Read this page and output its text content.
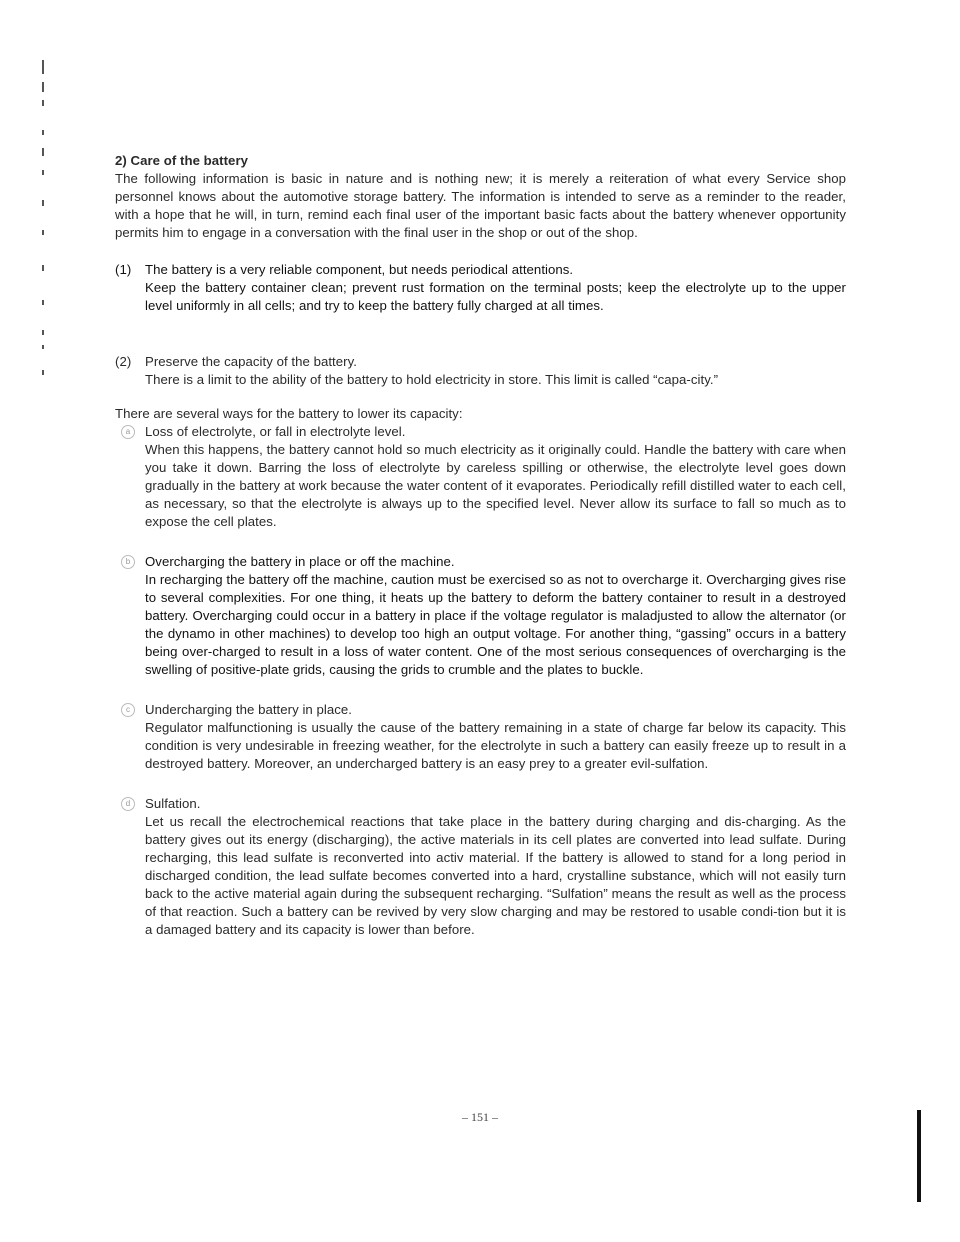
2) Care of the battery

The following information is basic in nature and is nothing new; it is merely a reiteration of what every Service shop personnel knows about the automotive storage battery. The information is intended to serve as a reminder to the reader, with a hope that he will, in turn, remind each final user of the important basic facts about the battery whenever opportunity permits him to engage in a conversation with the final user in the shop or out of the shop.

(1) The battery is a very reliable component, but needs periodical attentions.

Keep the battery container clean; prevent rust formation on the terminal posts; keep the electrolyte up to the upper level uniformly in all cells; and try to keep the battery fully charged at all times.

(2) Preserve the capacity of the battery.

There is a limit to the ability of the battery to hold electricity in store. This limit is called “capa-city.”

There are several ways for the battery to lower its capacity:

a	Loss of electrolyte, or fall in electrolyte level.

When this happens, the battery cannot hold so much electricity as it originally could. Handle the battery with care when you take it down. Barring the loss of electrolyte by careless spilling or otherwise, the electrolyte level goes down gradually in the battery at work because the water content of it evaporates. Periodically refill distilled water to each cell, as necessary, so that the electrolyte is always up to the specified level. Never allow its surface to fall so much as to expose the cell plates.

b	Overcharging the battery in place or off the machine.

In recharging the battery off the machine, caution must be exercised so as not to overcharge it. Overcharging gives rise to several complexities. For one thing, it heats up the battery to deform the battery container to result in a destroyed battery. Overcharging could occur in a battery in place if the voltage regulator is maladjusted to allow the alternator (or the dynamo in other machines) to develop too high an output voltage. For another thing, “gassing” occurs in a battery being over-charged to result in a loss of water content. One of the most serious consequences of overcharging is the swelling of positive-plate grids, causing the grids to crumble and the plates to buckle.

c	Undercharging the battery in place.

Regulator malfunctioning is usually the cause of the battery remaining in a state of charge far below its capacity. This condition is very undesirable in freezing weather, for the electrolyte in such a battery can easily freeze up to result in a destroyed battery. Moreover, an undercharged battery is an easy prey to a greater evil-sulfation.

d	Sulfation.

Let us recall the electrochemical reactions that take place in the battery during charging and dis-charging. As the battery gives out its energy (discharging), the active materials in its cell plates are converted into lead sulfate. During recharging, this lead sulfate is reconverted into activ material. If the battery is allowed to stand for a long period in discharged condition, the lead sulfate becomes converted into a hard, crystalline substance, which will not easily turn back to the active material again during the subsequent recharging. “Sulfation” means the result as well as the process of that reaction. Such a battery can be revived by very slow charging and may be restored to usable condi-tion but it is a damaged battery and its capacity is lower than before.

– 151 –
